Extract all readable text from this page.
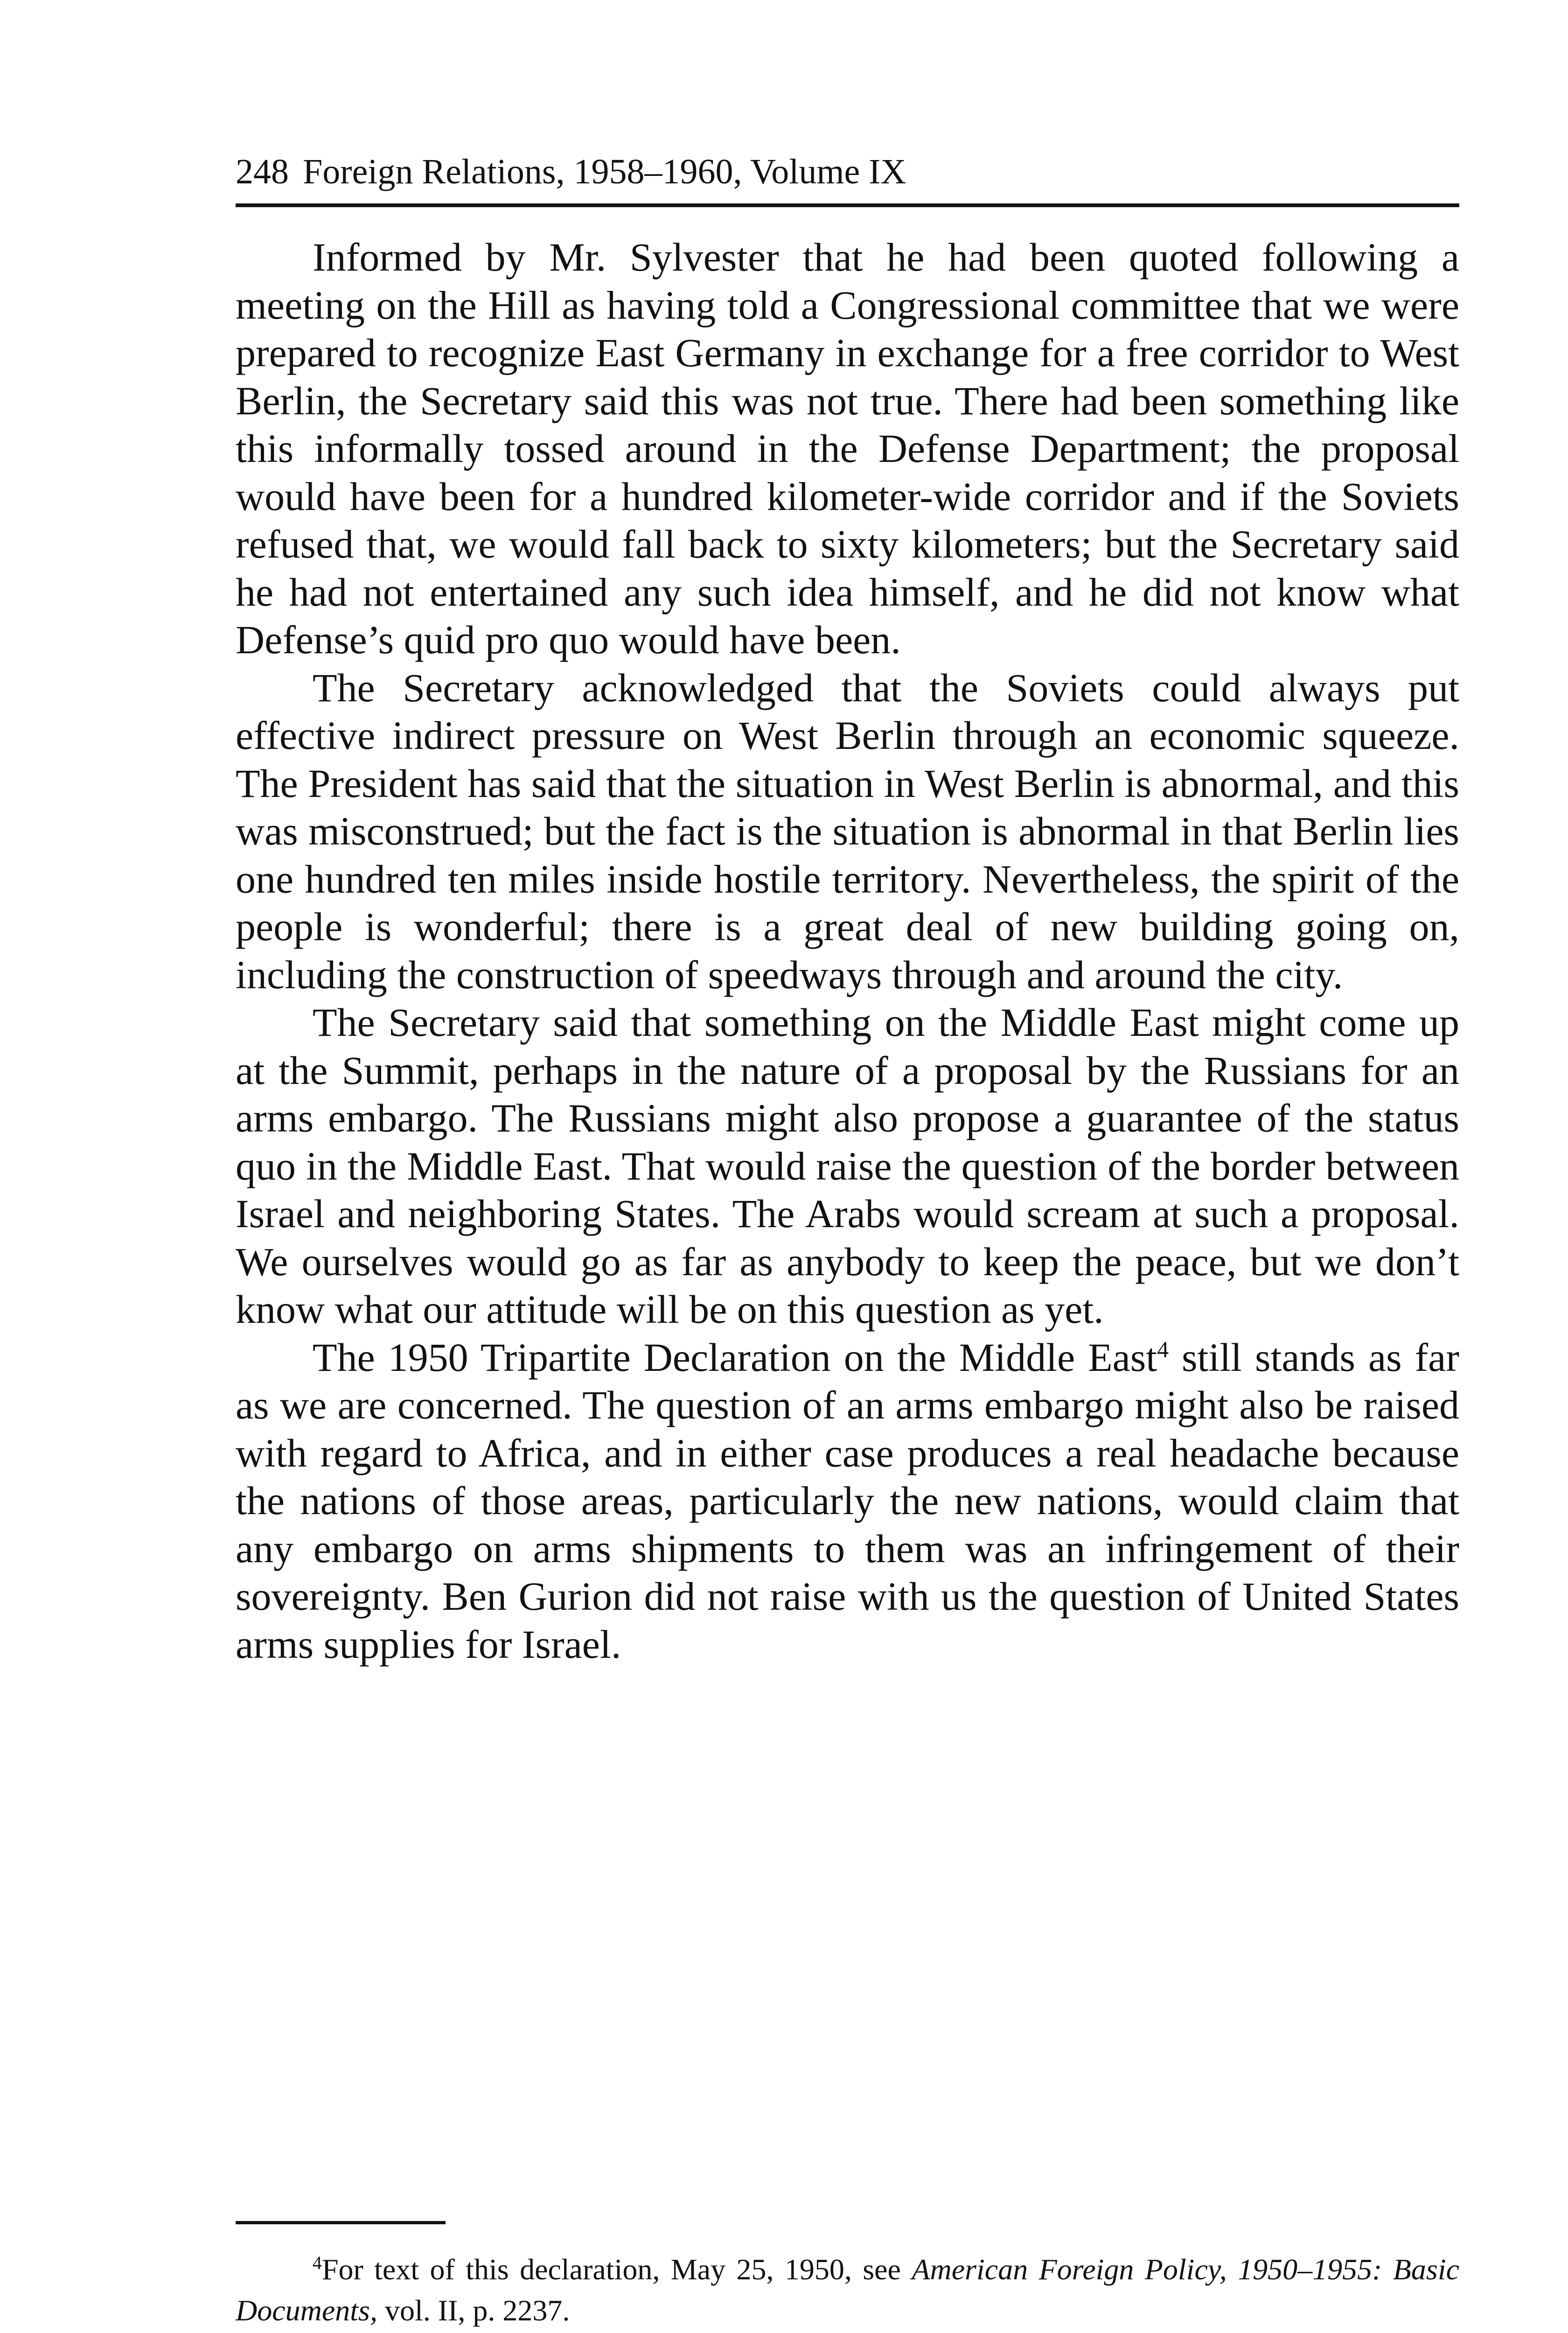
248 Foreign Relations, 1958–1960, Volume IX

Informed by Mr. Sylvester that he had been quoted following a meeting on the Hill as having told a Congressional committee that we were prepared to recognize East Germany in exchange for a free corridor to West Berlin, the Secretary said this was not true. There had been something like this informally tossed around in the Defense Department; the proposal would have been for a hundred kilometer-wide corridor and if the Soviets refused that, we would fall back to sixty kilometers; but the Secretary said he had not entertained any such idea himself, and he did not know what Defense’s quid pro quo would have been.

The Secretary acknowledged that the Soviets could always put effective indirect pressure on West Berlin through an economic squeeze. The President has said that the situation in West Berlin is abnormal, and this was misconstrued; but the fact is the situation is abnormal in that Berlin lies one hundred ten miles inside hostile territory. Nevertheless, the spirit of the people is wonderful; there is a great deal of new building going on, including the construction of speedways through and around the city.

The Secretary said that something on the Middle East might come up at the Summit, perhaps in the nature of a proposal by the Russians for an arms embargo. The Russians might also propose a guarantee of the status quo in the Middle East. That would raise the question of the border between Israel and neighboring States. The Arabs would scream at such a proposal. We ourselves would go as far as anybody to keep the peace, but we don’t know what our attitude will be on this question as yet.

The 1950 Tripartite Declaration on the Middle East$^4$ still stands as far as we are concerned. The question of an arms embargo might also be raised with regard to Africa, and in either case produces a real headache because the nations of those areas, particularly the new nations, would claim that any embargo on arms shipments to them was an infringement of their sovereignty. Ben Gurion did not raise with us the question of United States arms supplies for Israel.

$^4$For text of this declaration, May 25, 1950, see American Foreign Policy, 1950–1955: Basic Documents, vol. II, p. 2237.
